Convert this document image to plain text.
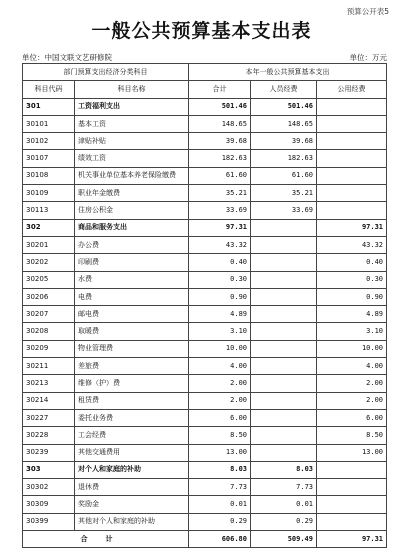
预算公开表5
一般公共预算基本支出表
单位：中国文联文艺研修院	单位：万元
部门预算支出经济分类科目		本年一般公共预算基本支出		
科目代码	科目名称	合计	人员经费	公用经费
301	工资福利支出	501.46	501.46	
30101	基本工资	148.65	148.65	
30102	津贴补贴	39.68	39.68	
30107	绩效工资	182.63	182.63	
30108	机关事业单位基本养老保险缴费	61.60	61.60	
30109	职业年金缴费	35.21	35.21	
30113	住房公积金	33.69	33.69	
302	商品和服务支出	97.31		97.31
30201	办公费	43.32		43.32
30202	印刷费	0.40		0.40
30205	水费	0.30		0.30
30206	电费	0.90		0.90
30207	邮电费	4.89		4.89
30208	取暖费	3.10		3.10
30209	物业管理费	10.00		10.00
30211	差旅费	4.00		4.00
30213	维修（护）费	2.00		2.00
30214	租赁费	2.00		2.00
30227	委托业务费	6.00		6.00
30228	工会经费	8.50		8.50
30239	其他交通费用	13.00		13.00
303	对个人和家庭的补助	8.03	8.03	
30302	退休费	7.73	7.73	
30309	奖励金	0.01	0.01	
30399	其他对个人和家庭的补助	0.29	0.29	
合计		606.80	509.49	97.31
